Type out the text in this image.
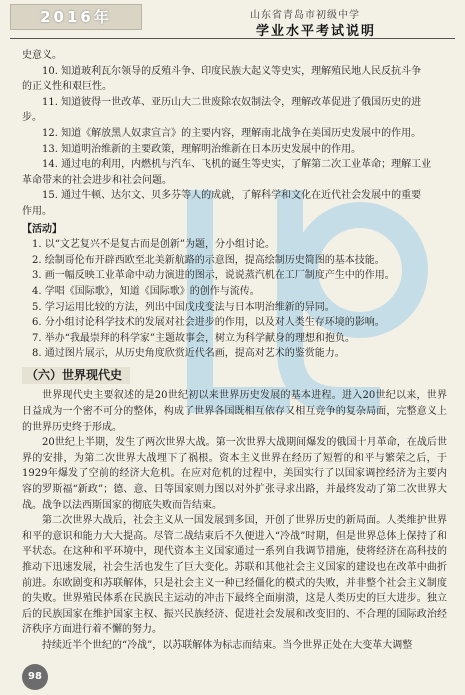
2016年	山东省青岛市初级中学
学业水平考试说明

史意义。

10. 知道玻利瓦尔领导的反殖斗争、印度民族大起义等史实，理解殖民地人民反抗斗争

的正义性和艰巨性。

11. 知道彼得一世改革、亚历山大二世废除农奴制法令，理解改革促进了俄国历史的进

步。

12. 知道《解放黑人奴隶宣言》的主要内容，理解南北战争在美国历史发展中的作用。

13. 知道明治维新的主要政策，理解明治维新在日本历史发展中的作用。

14. 通过电的利用，内燃机与汽车、飞机的诞生等史实，了解第二次工业革命；理解工业

革命带来的社会进步和社会问题。

15. 通过牛顿、达尔文、贝多芬等人的成就，了解科学和文化在近代社会发展中的重要

作用。

【活动】

1. 以“文艺复兴不是复古而是创新”为题，分小组讨论。

2. 绘制哥伦布开辟西欧至北美新航路的示意图，提高绘制历史简图的基本技能。

3. 画一幅反映工业革命中动力演进的图示，说说蒸汽机在工厂制度产生中的作用。

4. 学唱《国际歌》，知道《国际歌》的创作与流传。

5. 学习运用比较的方法，列出中国戊戌变法与日本明治维新的异同。

6. 分小组讨论科学技术的发展对社会进步的作用，以及对人类生存环境的影响。

7. 举办“我最崇拜的科学家”主题故事会，树立为科学献身的理想和抱负。

8. 通过图片展示，从历史角度欣赏近代名画，提高对艺术的鉴赏能力。

（六）世界现代史

世界现代史主要叙述的是20世纪初以来世界历史发展的基本进程。进入20世纪以来，世界日益成为一个密不可分的整体，构成了世界各国既相互依存又相互竞争的复杂局面，完整意义上的世界历史终于形成。

20世纪上半期，发生了两次世界大战。第一次世界大战期间爆发的俄国十月革命，在战后世界的安排，为第二次世界大战埋下了祸根。资本主义世界在经历了短暂的和平与繁荣之后，于1929年爆发了空前的经济大危机。在应对危机的过程中，美国实行了以国家调控经济为主要内容的罗斯福“新政”；德、意、日等国家则力图以对外扩张寻求出路，并最终发动了第二次世界大战。战争以法西斯国家的彻底失败而告结束。

第二次世界大战后，社会主义从一国发展到多国，开创了世界历史的新局面。人类维护世界和平的意识和能力大大提高。尽管二战结束后不久便进入“冷战”时期，但是世界总体上保持了和平状态。在这种和平环境中，现代资本主义国家通过一系列自我调节措施，使将经济在高科技的推动下迅速发展，社会生活也发生了巨大变化。苏联和其他社会主义国家的建设也在改革中曲折前进。东欧剧变和苏联解体，只是社会主义一种已经僵化的模式的失败，并非整个社会主义制度的失败。世界殖民体系在民族民主运动的冲击下最终全面崩溃，这是人类历史的巨大进步。独立后的民族国家在维护国家主权、振兴民族经济、促进社会发展和改变旧的、不合理的国际政治经济秩序方面进行着不懈的努力。

持续近半个世纪的“冷战”，以苏联解体为标志而结束。当今世界正处在大变革大调整

98
